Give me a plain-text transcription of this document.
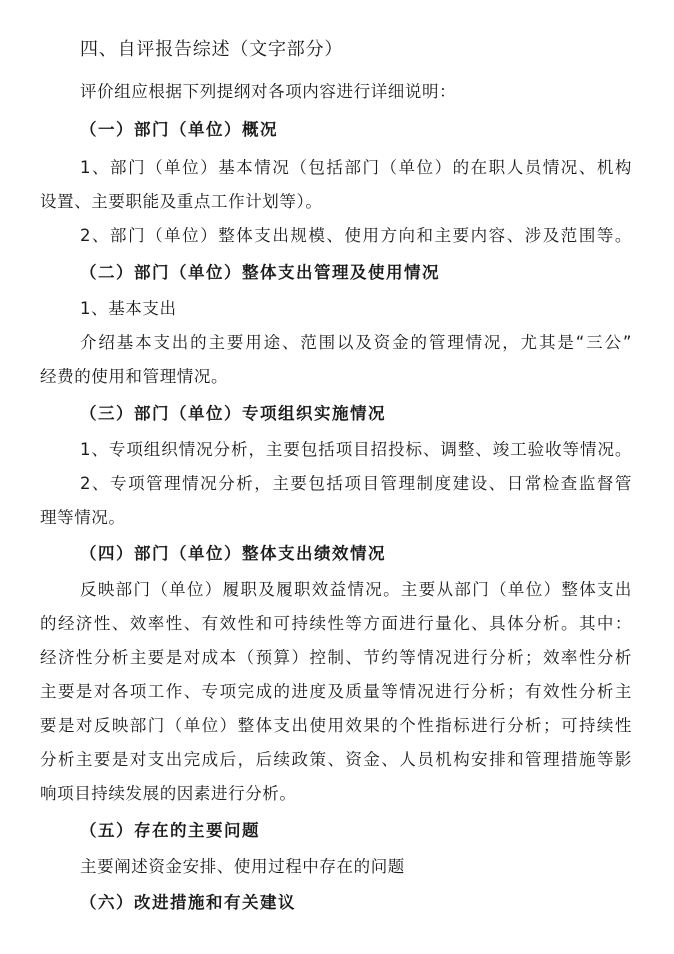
四、自评报告综述（文字部分）
评价组应根据下列提纲对各项内容进行详细说明：
（一）部门（单位）概况
1、部门（单位）基本情况（包括部门（单位）的在职人员情况、机构
设置、主要职能及重点工作计划等）。
2、部门（单位）整体支出规模、使用方向和主要内容、涉及范围等。
（二）部门（单位）整体支出管理及使用情况
1、基本支出
介绍基本支出的主要用途、范围以及资金的管理情况，尤其是“三公”
经费的使用和管理情况。
（三）部门（单位）专项组织实施情况
1、专项组织情况分析，主要包括项目招投标、调整、竣工验收等情况。
2、专项管理情况分析，主要包括项目管理制度建设、日常检查监督管
理等情况。
（四）部门（单位）整体支出绩效情况
反映部门（单位）履职及履职效益情况。主要从部门（单位）整体支出
的经济性、效率性、有效性和可持续性等方面进行量化、具体分析。其中：
经济性分析主要是对成本（预算）控制、节约等情况进行分析；效率性分析
主要是对各项工作、专项完成的进度及质量等情况进行分析；有效性分析主
要是对反映部门（单位）整体支出使用效果的个性指标进行分析；可持续性
分析主要是对支出完成后，后续政策、资金、人员机构安排和管理措施等影
响项目持续发展的因素进行分析。
（五）存在的主要问题
主要阐述资金安排、使用过程中存在的问题
（六）改进措施和有关建议
